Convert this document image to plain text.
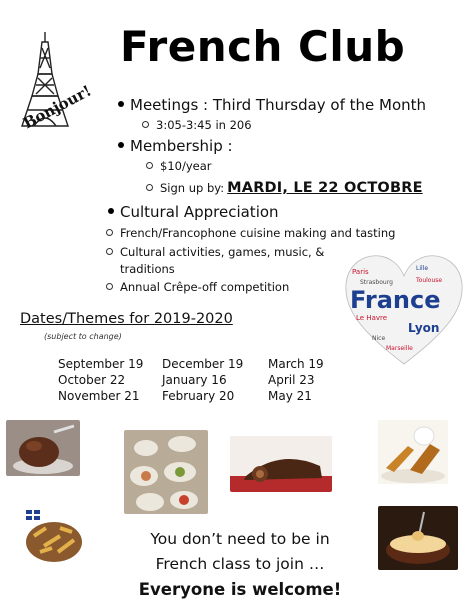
Bonjour!
French Club
Meetings : Third Thursday of the Month
3:05-3:45 in 206
Membership :
$10/year
Sign up by: MARDI, LE 22 OCTOBRE
Cultural Appreciation
French/Francophone cuisine making and tasting
Cultural activities, games, music, &
traditions
Annual Crêpe-off competition
Paris	Lille
Strasbourg	Toulouse
France
Le Havre
Lyon
Nice
Marseille
Dates/Themes for 2019-2020
(subject to change)
September 19
October 22
November 21
December 19
January 16
February 20
March 19
April 23
May 21
You don’t need to be in
French class to join …
Everyone is welcome!
